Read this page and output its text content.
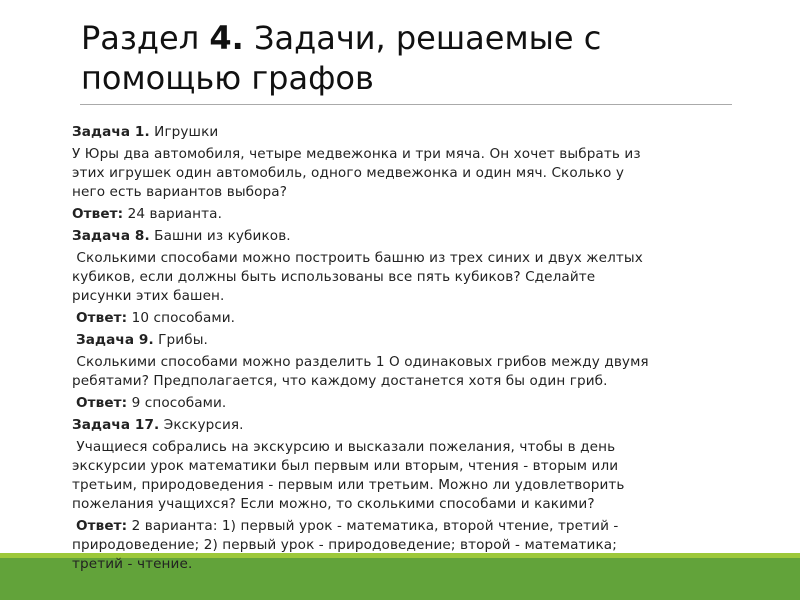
Раздел 4. Задачи, решаемые с
помощью графов
Задача 1. Игрушки
У Юры два автомобиля, четыре медвежонка и три мяча. Он хочет выбрать из
этих игрушек один автомобиль, одного медвежонка и один мяч. Сколько у
него есть вариантов выбора?
Ответ: 24 варианта.
Задача 8. Башни из кубиков.
Сколькими способами можно построить башню из трех синих и двух желтых
кубиков, если должны быть использованы все пять кубиков? Сделайте
рисунки этих башен.
Ответ: 10 способами.
Задача 9. Грибы.
Сколькими способами можно разделить 1 О одинаковых грибов между двумя
ребятами? Предполагается, что каждому достанется хотя бы один гриб.
Ответ: 9 способами.
Задача 17. Экскурсия.
Учащиеся собрались на экскурсию и высказали пожелания, чтобы в день
экскурсии урок математики был первым или вторым, чтения - вторым или
третьим, природоведения - первым или третьим. Можно ли удовлетворить
пожелания учащихся? Если можно, то сколькими способами и какими?
Ответ: 2 варианта: 1) первый урок - математика, второй чтение, третий -
природоведение; 2) первый урок - природоведение; второй - математика;
третий - чтение.
